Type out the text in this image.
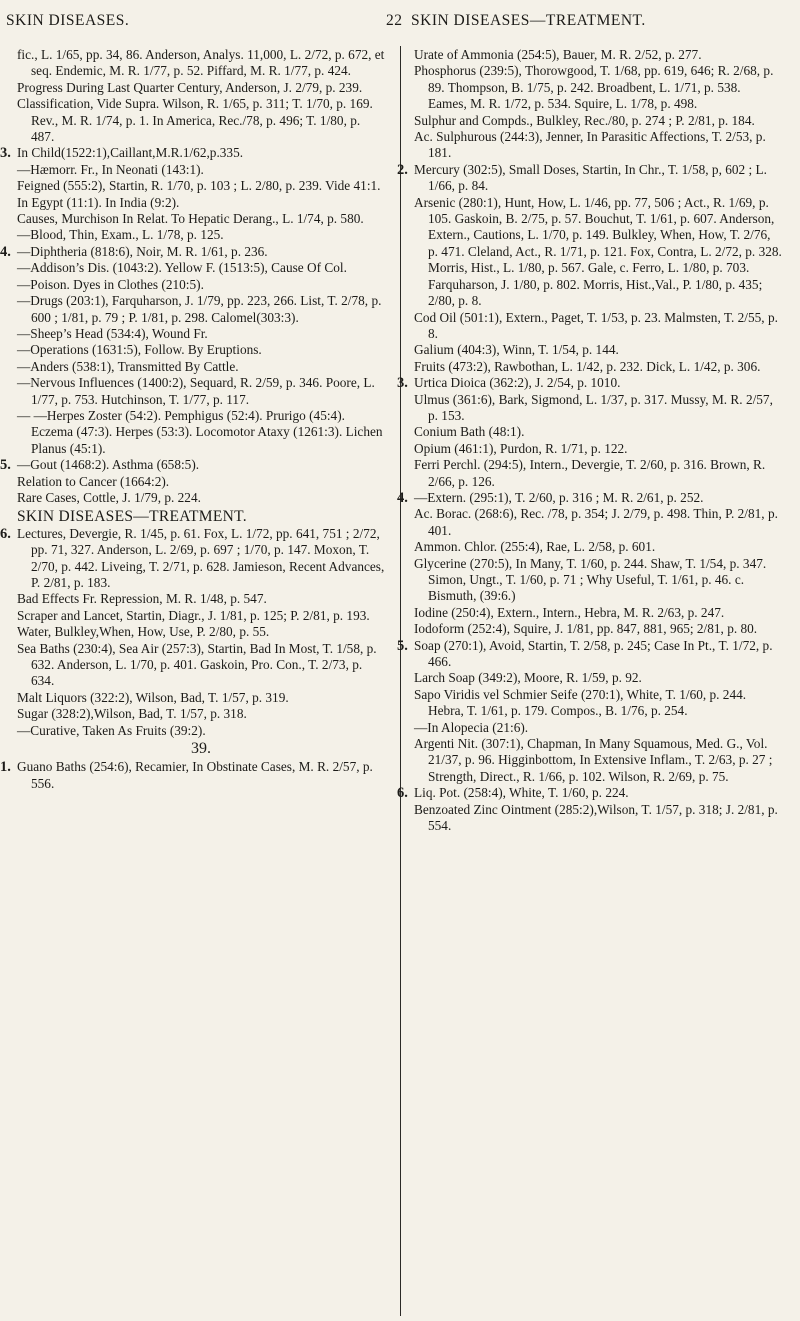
SKIN DISEASES.	22 SKIN DISEASES—TREATMENT.

fic., L. 1/65, pp. 34, 86. Anderson, Analys. 11,000, L. 2/72, p. 672, et seq. Endemic, M. R. 1/77, p. 52. Piffard, M. R. 1/77, p. 424.

Progress During Last Quarter Century, Anderson, J. 2/79, p. 239.

Classification, Vide Supra. Wilson, R. 1/65, p. 311; T. 1/70, p. 169. Rev., M. R. 1/74, p. 1. In America, Rec./78, p. 496; T. 1/80, p. 487.

3. In Child(1522:1),Caillant,M.R.1/62,p.335.

—Hæmorr. Fr., In Neonati (143:1).

Feigned (555:2), Startin, R. 1/70, p. 103 ; L. 2/80, p. 239. Vide 41:1.

In Egypt (11:1). In India (9:2).

Causes, Murchison In Relat. To Hepatic Derang., L. 1/74, p. 580.

—Blood, Thin, Exam., L. 1/78, p. 125.

4. —Diphtheria (818:6), Noir, M. R. 1/61, p. 236.

—Addison’s Dis. (1043:2). Yellow F. (1513:5), Cause Of Col.

—Poison. Dyes in Clothes (210:5).

—Drugs (203:1), Farquharson, J. 1/79, pp. 223, 266. List, T. 2/78, p. 600 ; 1/81, p. 79 ; P. 1/81, p. 298. Calomel(303:3).

—Sheep’s Head (534:4), Wound Fr.

—Operations (1631:5), Follow. By Eruptions.

—Anders (538:1), Transmitted By Cattle.

—Nervous Influences (1400:2), Sequard, R. 2/59, p. 346. Poore, L. 1/77, p. 753. Hutchinson, T. 1/77, p. 117.

— —Herpes Zoster (54:2). Pemphigus (52:4). Prurigo (45:4). Eczema (47:3). Herpes (53:3). Locomotor Ataxy (1261:3). Lichen Planus (45:1).

5. —Gout (1468:2). Asthma (658:5).

Relation to Cancer (1664:2).

Rare Cases, Cottle, J. 1/79, p. 224.

SKIN DISEASES—TREATMENT.

6. Lectures, Devergie, R. 1/45, p. 61. Fox, L. 1/72, pp. 641, 751 ; 2/72, pp. 71, 327. Anderson, L. 2/69, p. 697 ; 1/70, p. 147. Moxon, T. 2/70, p. 442. Liveing, T. 2/71, p. 628. Jamieson, Recent Advances, P. 2/81, p. 183.

Bad Effects Fr. Repression, M. R. 1/48, p. 547.

Scraper and Lancet, Startin, Diagr., J. 1/81, p. 125; P. 2/81, p. 193.

Water, Bulkley,When, How, Use, P. 2/80, p. 55.

Sea Baths (230:4), Sea Air (257:3), Startin, Bad In Most, T. 1/58, p. 632. Anderson, L. 1/70, p. 401. Gaskoin, Pro. Con., T. 2/73, p. 634.

Malt Liquors (322:2), Wilson, Bad, T. 1/57, p. 319.

Sugar (328:2),Wilson, Bad, T. 1/57, p. 318.

—Curative, Taken As Fruits (39:2).

39.

1. Guano Baths (254:6), Recamier, In Obstinate Cases, M. R. 2/57, p. 556.

Urate of Ammonia (254:5), Bauer, M. R. 2/52, p. 277.

Phosphorus (239:5), Thorowgood, T. 1/68, pp. 619, 646; R. 2/68, p. 89. Thompson, B. 1/75, p. 242. Broadbent, L. 1/71, p. 538. Eames, M. R. 1/72, p. 534. Squire, L. 1/78, p. 498.

Sulphur and Compds., Bulkley, Rec./80, p. 274 ; P. 2/81, p. 184.

Ac. Sulphurous (244:3), Jenner, In Parasitic Affections, T. 2/53, p. 181.

2. Mercury (302:5), Small Doses, Startin, In Chr., T. 1/58, p, 602 ; L. 1/66, p. 84.

Arsenic (280:1), Hunt, How, L. 1/46, pp. 77, 506 ; Act., R. 1/69, p. 105. Gaskoin, B. 2/75, p. 57. Bouchut, T. 1/61, p. 607. Anderson, Extern., Cautions, L. 1/70, p. 149. Bulkley, When, How, T. 2/76, p. 471. Cleland, Act., R. 1/71, p. 121. Fox, Contra, L. 2/72, p. 328. Morris, Hist., L. 1/80, p. 567. Gale, c. Ferro, L. 1/80, p. 703. Farquharson, J. 1/80, p. 802. Morris, Hist.,Val., P. 1/80, p. 435; 2/80, p. 8.

Cod Oil (501:1), Extern., Paget, T. 1/53, p. 23. Malmsten, T. 2/55, p. 8.

Galium (404:3), Winn, T. 1/54, p. 144.

Fruits (473:2), Rawbothan, L. 1/42, p. 232. Dick, L. 1/42, p. 306.

3. Urtica Dioica (362:2), J. 2/54, p. 1010.

Ulmus (361:6), Bark, Sigmond, L. 1/37, p. 317. Mussy, M. R. 2/57, p. 153.

Conium Bath (48:1).

Opium (461:1), Purdon, R. 1/71, p. 122.

Ferri Perchl. (294:5), Intern., Devergie, T. 2/60, p. 316. Brown, R. 2/66, p. 126.

4. —Extern. (295:1), T. 2/60, p. 316 ; M. R. 2/61, p. 252.

Ac. Borac. (268:6), Rec. /78, p. 354; J. 2/79, p. 498. Thin, P. 2/81, p. 401.

Ammon. Chlor. (255:4), Rae, L. 2/58, p. 601.

Glycerine (270:5), In Many, T. 1/60, p. 244. Shaw, T. 1/54, p. 347. Simon, Ungt., T. 1/60, p. 71 ; Why Useful, T. 1/61, p. 46. c. Bismuth, (39:6.)

Iodine (250:4), Extern., Intern., Hebra, M. R. 2/63, p. 247.

Iodoform (252:4), Squire, J. 1/81, pp. 847, 881, 965; 2/81, p. 80.

5. Soap (270:1), Avoid, Startin, T. 2/58, p. 245; Case In Pt., T. 1/72, p. 466.

Larch Soap (349:2), Moore, R. 1/59, p. 92.

Sapo Viridis vel Schmier Seife (270:1), White, T. 1/60, p. 244. Hebra, T. 1/61, p. 179. Compos., B. 1/76, p. 254.

—In Alopecia (21:6).

Argenti Nit. (307:1), Chapman, In Many Squamous, Med. G., Vol. 21/37, p. 96. Higginbottom, In Extensive Inflam., T. 2/63, p. 27 ; Strength, Direct., R. 1/66, p. 102. Wilson, R. 2/69, p. 75.

6. Liq. Pot. (258:4), White, T. 1/60, p. 224.

Benzoated Zinc Ointment (285:2),Wilson, T. 1/57, p. 318; J. 2/81, p. 554.
